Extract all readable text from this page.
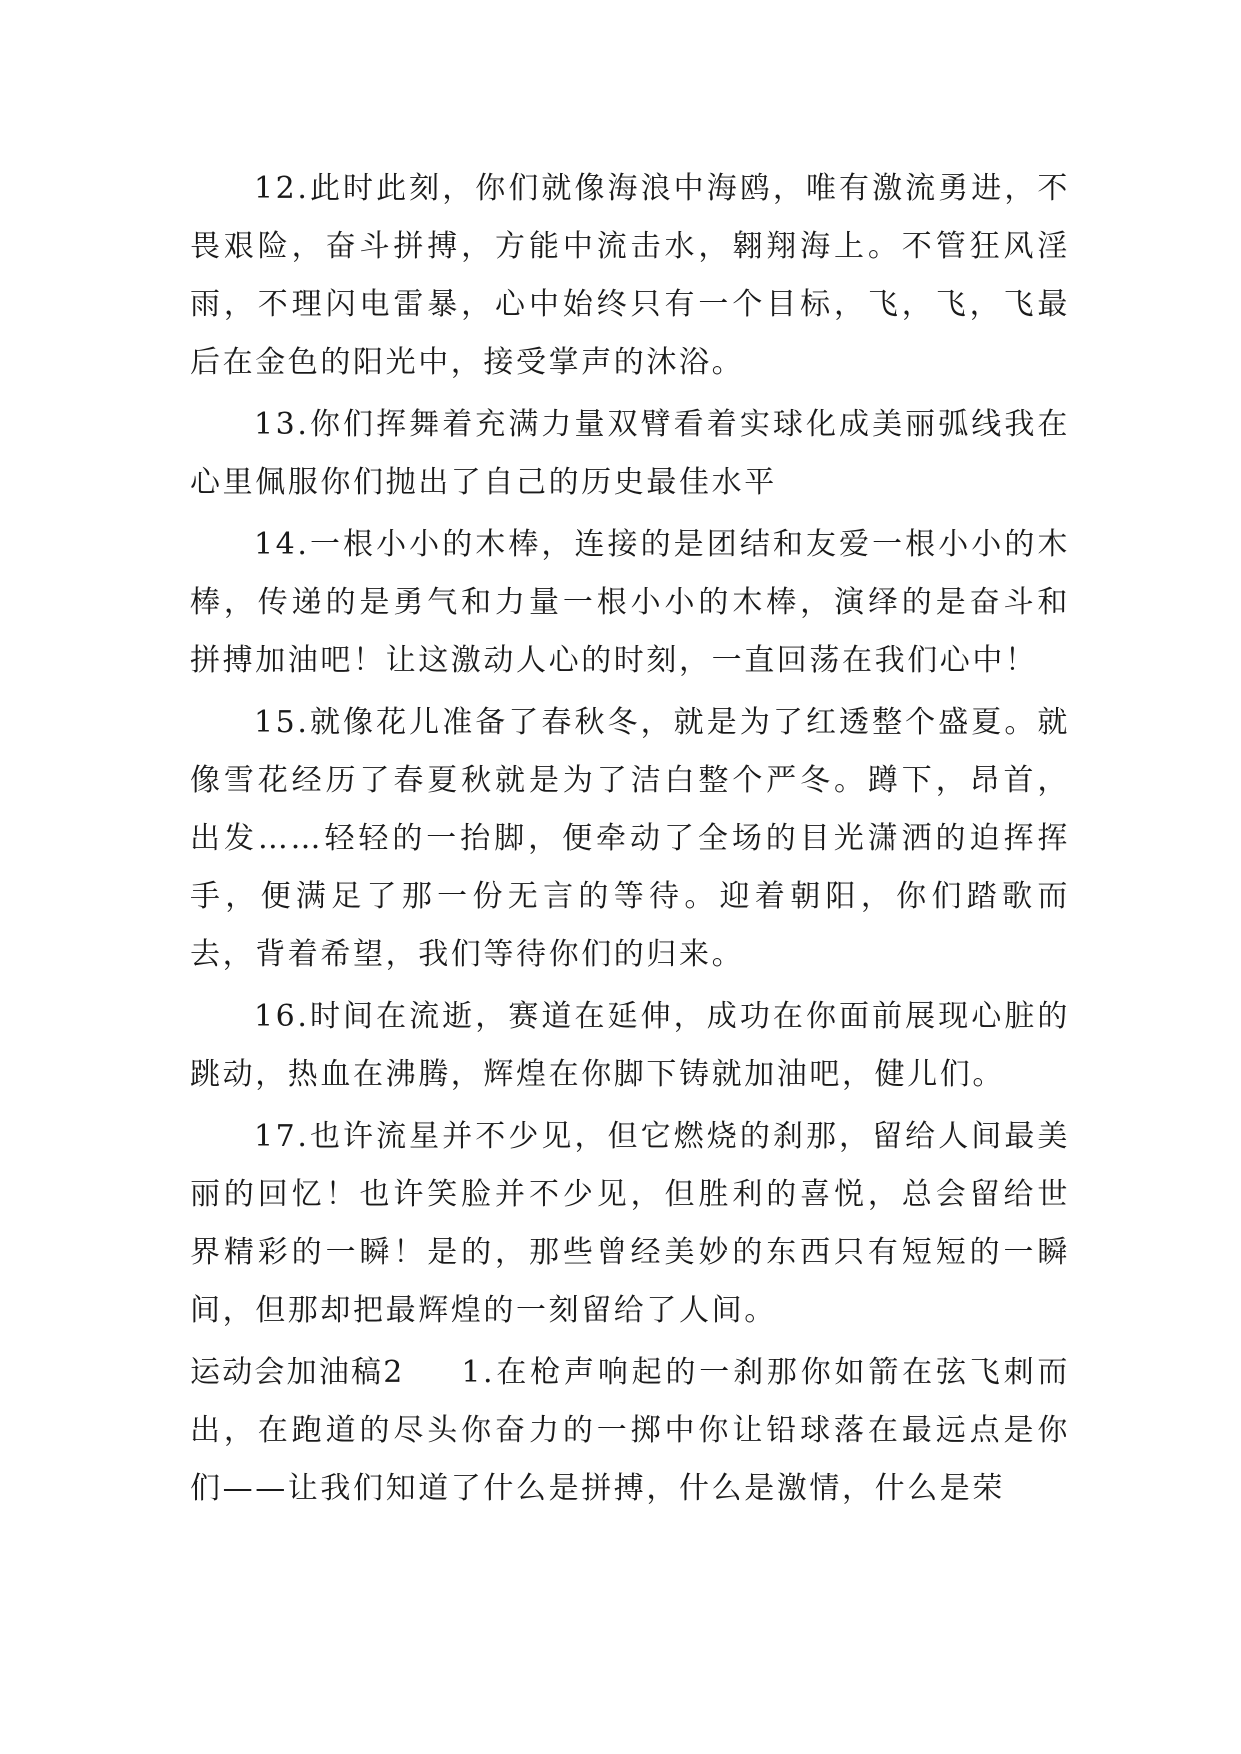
12.此时此刻，你们就像海浪中海鸥，唯有激流勇进，不畏艰险，奋斗拼搏，方能中流击水，翱翔海上。不管狂风淫雨，不理闪电雷暴，心中始终只有一个目标，飞，飞，飞最后在金色的阳光中，接受掌声的沐浴。

13.你们挥舞着充满力量双臂看着实球化成美丽弧线我在心里佩服你们抛出了自己的历史最佳水平

14.一根小小的木棒，连接的是团结和友爱一根小小的木棒，传递的是勇气和力量一根小小的木棒，演绎的是奋斗和拼搏加油吧！让这激动人心的时刻，一直回荡在我们心中！

15.就像花儿准备了春秋冬，就是为了红透整个盛夏。就像雪花经历了春夏秋就是为了洁白整个严冬。蹲下，昂首，出发……轻轻的一抬脚，便牵动了全场的目光潇洒的迫挥挥手，便满足了那一份无言的等待。迎着朝阳，你们踏歌而去，背着希望，我们等待你们的归来。

16.时间在流逝，赛道在延伸，成功在你面前展现心脏的跳动，热血在沸腾，辉煌在你脚下铸就加油吧，健儿们。

17.也许流星并不少见，但它燃烧的刹那，留给人间最美丽的回忆！也许笑脸并不少见，但胜利的喜悦，总会留给世界精彩的一瞬！是的，那些曾经美妙的东西只有短短的一瞬间，但那却把最辉煌的一刻留给了人间。

运动会加油稿2 1.在枪声响起的一刹那你如箭在弦飞刺而出，在跑道的尽头你奋力的一掷中你让铅球落在最远点是你们——让我们知道了什么是拼搏，什么是激情，什么是荣
